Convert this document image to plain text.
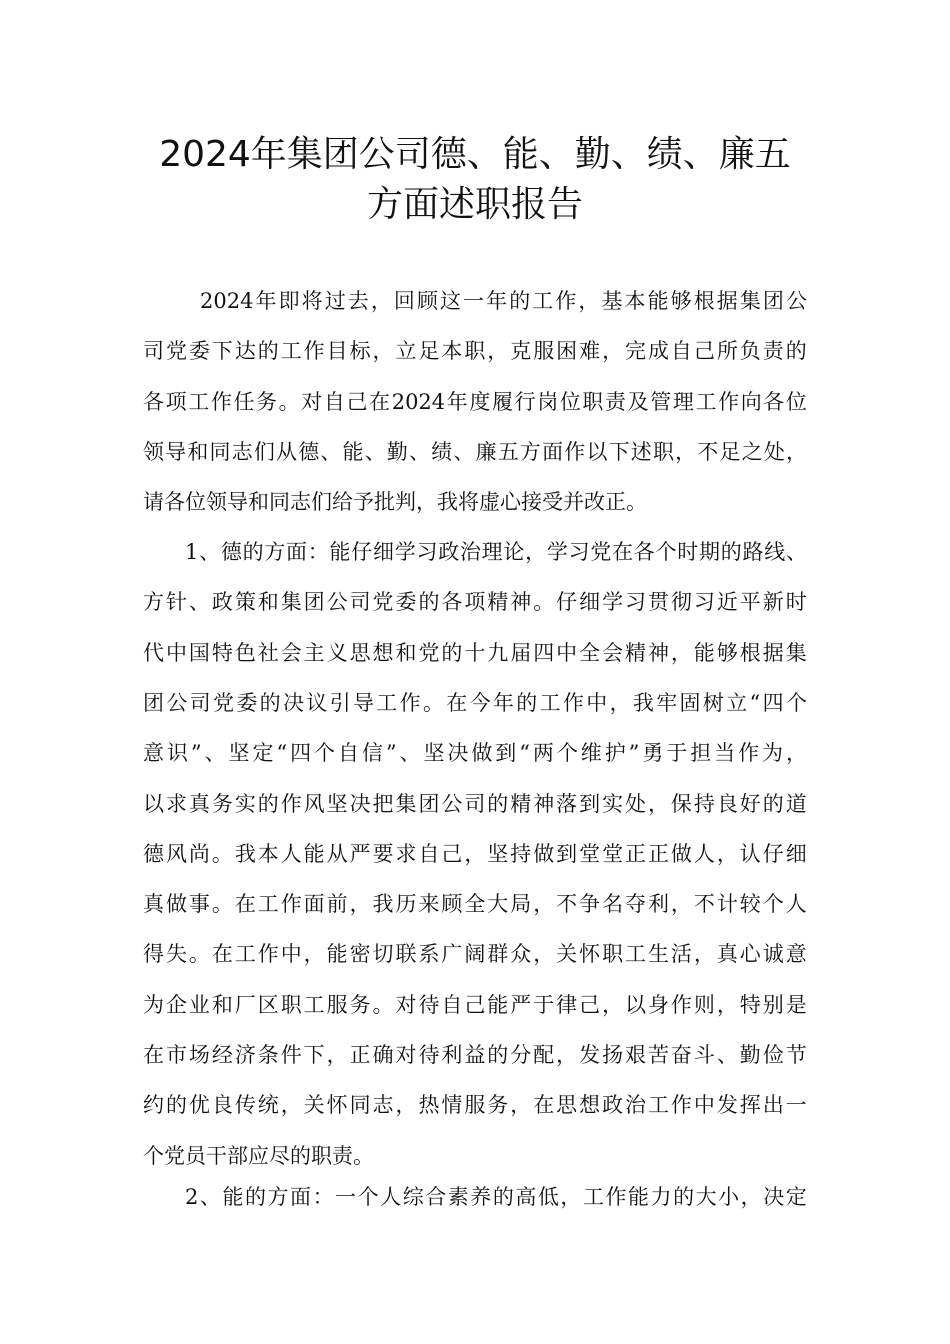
2024年集团公司德、能、勤、绩、廉五
方面述职报告
2024 年 即 将 过 去 ， 回 顾 这 一 年 的 工 作 ， 基 本 能 够 根 据 集 团 公
司 党 委 下 达 的 工 作 目 标 ， 立 足 本 职 ， 克 服 困 难 ， 完 成 自 己 所 负 责 的
各 项 工 作 任 务 。 对 自 己 在 2024 年 度 履 行 岗 位 职 责 及 管 理 工 作 向 各 位
领 导 和 同 志 们 从 德 、 能 、 勤 、 绩 、 廉 五 方 面 作 以 下 述 职 ， 不 足 之 处 ，
请各位领导和同志们给予批判，我将虚心接受并改正。
1 、 德 的 方 面 ： 能 仔 细 学 习 政 治 理 论 ， 学 习 党 在 各 个 时 期 的 路 线 、
方 针 、 政 策 和 集 团 公 司 党 委 的 各 项 精 神 。 仔 细 学 习 贯 彻 习 近 平 新 时
代 中 国 特 色 社 会 主 义 思 想 和 党 的 十 九 届 四 中 全 会 精 神 ， 能 够 根 据 集
团 公 司 党 委 的 决 议 引 导 工 作 。 在 今 年 的 工 作 中 ， 我 牢 固 树 立 “ 四 个
意 识 ” 、 坚 定 “ 四 个 自 信 ” 、 坚 决 做 到 “ 两 个 维 护 ” 勇 于 担 当 作 为 ，
以 求 真 务 实 的 作 风 坚 决 把 集 团 公 司 的 精 神 落 到 实 处 ， 保 持 良 好 的 道
德 风 尚 。 我 本 人 能 从 严 要 求 自 己 ， 坚 持 做 到 堂 堂 正 正 做 人 ， 认 仔 细
真 做 事 。 在 工 作 面 前 ， 我 历 来 顾 全 大 局 ， 不 争 名 夺 利 ， 不 计 较 个 人
得 失 。 在 工 作 中 ， 能 密 切 联 系 广 阔 群 众 ， 关 怀 职 工 生 活 ， 真 心 诚 意
为 企 业 和 厂 区 职 工 服 务 。 对 待 自 己 能 严 于 律 己 ， 以 身 作 则 ， 特 别 是
在 市 场 经 济 条 件 下 ， 正 确 对 待 利 益 的 分 配 ， 发 扬 艰 苦 奋 斗 、 勤 俭 节
约 的 优 良 传 统 ， 关 怀 同 志 ， 热 情 服 务 ， 在 思 想 政 治 工 作 中 发 挥 出 一
个党员干部应尽的职责。
2 、 能 的 方 面 ： 一 个 人 综 合 素 养 的 高 低 ， 工 作 能 力 的 大 小 ， 决 定
